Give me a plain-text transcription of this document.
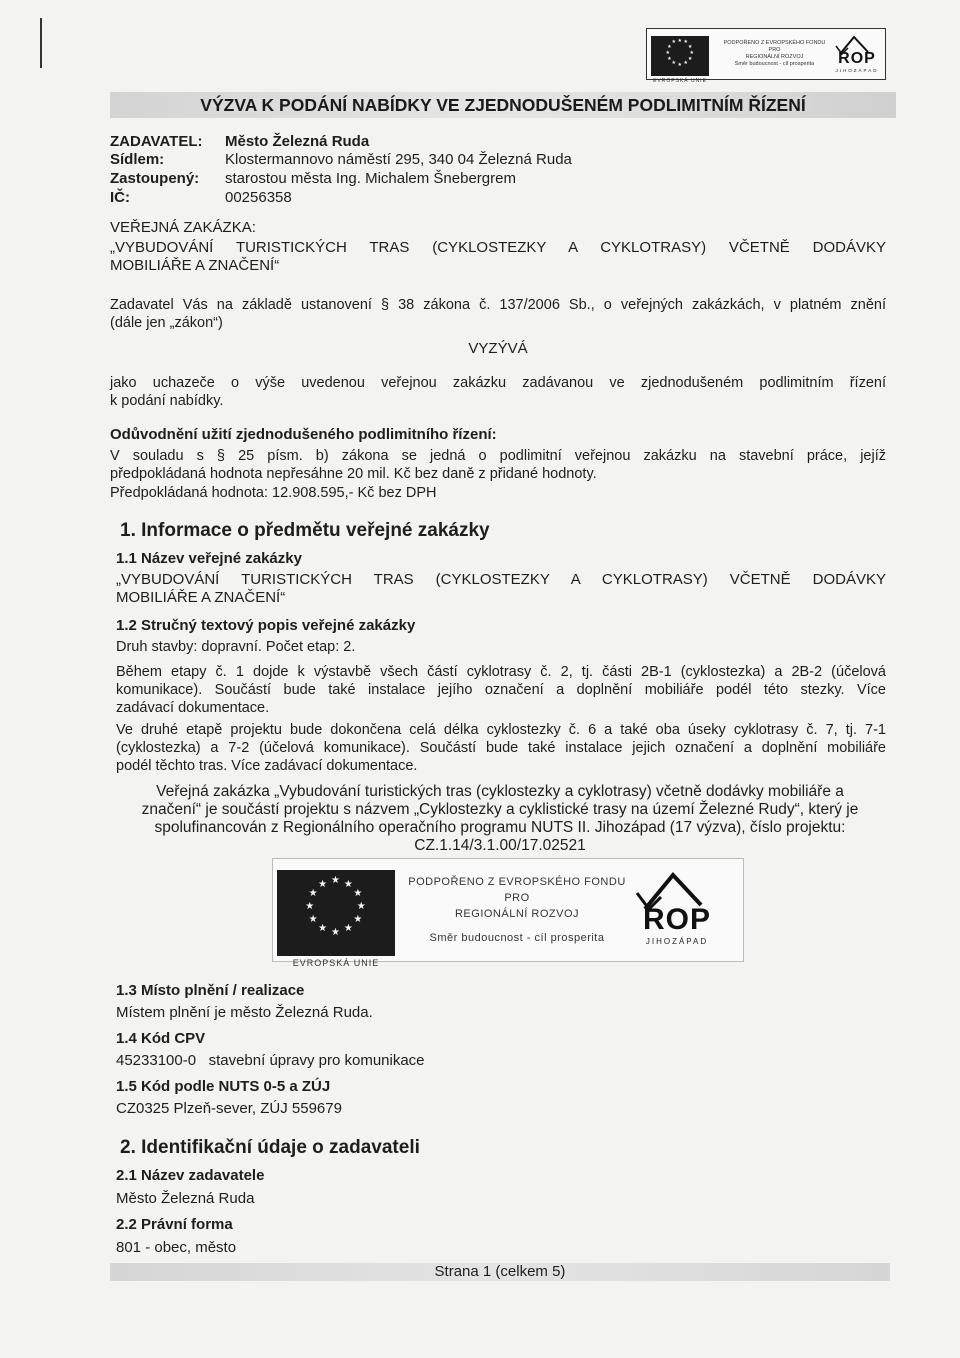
EVROPSKÁ UNIE
★ ★
★
★
★
★
★
★
★
★
★
★	PODPOŘENO Z EVROPSKÉHO FONDU
PRO
REGIONÁLNÍ ROZVOJ
Směr budoucnost - cíl prosperita ROP
JIHOZÁPAD
VÝZVA K PODÁNÍ NABÍDKY VE ZJEDNODUŠENÉM PODLIMITNÍM ŘÍZENÍ
ZADAVATEL: Město Železná Ruda
Sídlem:	Klostermannovo náměstí 295, 340 04 Železná Ruda
Zastoupený: starostou města Ing. Michalem Šnebergrem
IČ:	00256358
VEŘEJNÁ ZAKÁZKA:
„VYBUDOVÁNÍ TURISTICKÝCH TRAS (CYKLOSTEZKY A CYKLOTRASY) VČETNĚ DODÁVKY
MOBILIÁŘE A ZNAČENÍ“
Zadavatel Vás na základě ustanovení § 38 zákona č. 137/2006 Sb., o veřejných zakázkách, v platném znění
(dále jen „zákon“)
VYZÝVÁ
jako uchazeče o výše uvedenou veřejnou zakázku zadávanou ve zjednodušeném podlimitním řízení
k podání nabídky.
Odůvodnění užití zjednodušeného podlimitního řízení:
V souladu s § 25 písm. b) zákona se jedná o podlimitní veřejnou zakázku na stavební práce, jejíž
předpokládaná hodnota nepřesáhne 20 mil. Kč bez daně z přidané hodnoty.
Předpokládaná hodnota: 12.908.595,- Kč bez DPH
1. Informace o předmětu veřejné zakázky
1.1 Název veřejné zakázky
„VYBUDOVÁNÍ TURISTICKÝCH TRAS (CYKLOSTEZKY A CYKLOTRASY) VČETNĚ DODÁVKY
MOBILIÁŘE A ZNAČENÍ“
1.2 Stručný textový popis veřejné zakázky
Druh stavby: dopravní. Počet etap: 2.
Během etapy č. 1 dojde k výstavbě všech částí cyklotrasy č. 2, tj. části 2B-1 (cyklostezka) a 2B-2 (účelová
komunikace). Součástí bude také instalace jejího označení a doplnění mobiliáře podél této stezky. Více
zadávací dokumentace.
Ve druhé etapě projektu bude dokončena celá délka cyklostezky č. 6 a také oba úseky cyklotrasy č. 7, tj. 7-1
(cyklostezka) a 7-2 (účelová komunikace). Součástí bude také instalace jejich označení a doplnění mobiliáře
podél těchto tras. Více zadávací dokumentace.
Veřejná zakázka „Vybudování turistických tras (cyklostezky a cyklotrasy) včetně dodávky mobiliáře a
značení“ je součástí projektu s názvem „Cyklostezky a cyklistické trasy na území Železné Rudy“, který je
spolufinancován z Regionálního operačního programu NUTS II. Jihozápad (17 výzva), číslo projektu:
CZ.1.14/3.1.00/17.02521
EVROPSKÁ UNIE
★ ★
★
★
★
★
★
★
★
★
★
★	PODPOŘENO Z EVROPSKÉHO FONDU
PRO
REGIONÁLNÍ ROZVOJ
Směr budoucnost - cíl prosperita
ROP
JIHOZÁPAD
1.3 Místo plnění / realizace
Místem plnění je město Železná Ruda.
1.4 Kód CPV
45233100-0   stavební úpravy pro komunikace
1.5 Kód podle NUTS 0-5 a ZÚJ
CZ0325 Plzeň-sever, ZÚJ 559679
2. Identifikační údaje o zadavateli
2.1 Název zadavatele
Město Železná Ruda
2.2 Právní forma
801 - obec, město
Strana 1 (celkem 5)
